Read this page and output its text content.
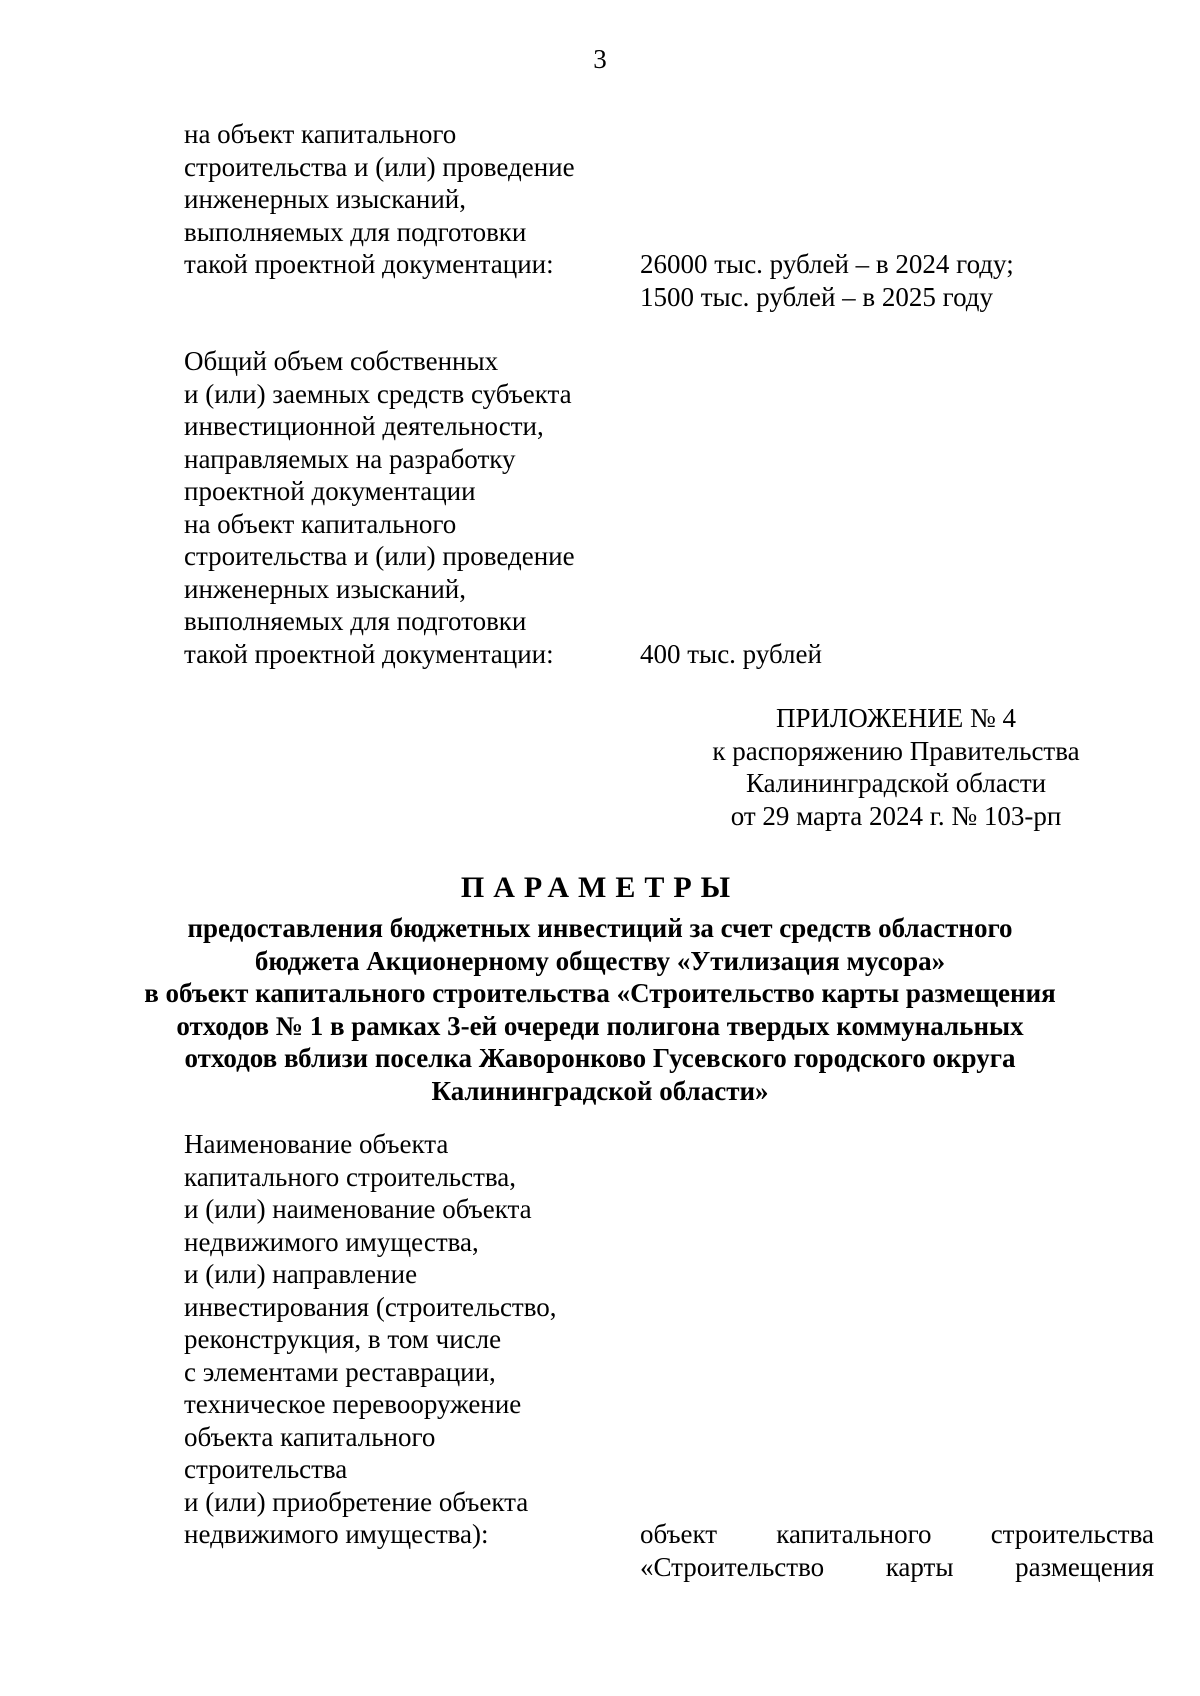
3
на объект капитального
строительства и (или) проведение
инженерных изысканий,
выполняемых для подготовки
такой проектной документации:	26000 тыс. рублей – в 2024 году;
1500 тыс. рублей – в 2025 году
Общий объем собственных
и (или) заемных средств субъекта
инвестиционной деятельности,
направляемых на разработку
проектной документации
на объект капитального
строительства и (или) проведение
инженерных изысканий,
выполняемых для подготовки
такой проектной документации:	400 тыс. рублей
ПРИЛОЖЕНИЕ № 4
к распоряжению Правительства
Калининградской области
от 29 марта 2024 г. № 103-рп
ПАРАМЕТРЫ
предоставления бюджетных инвестиций за счет средств областного
бюджета Акционерному обществу «Утилизация мусора»
в объект капитального строительства «Строительство карты размещения
отходов № 1 в рамках 3-ей очереди полигона твердых коммунальных
отходов вблизи поселка Жаворонково Гусевского городского округа
Калининградской области»
Наименование объекта
капитального строительства,
и (или) наименование объекта
недвижимого имущества,
и (или) направление
инвестирования (строительство,
реконструкция, в том числе
с элементами реставрации,
техническое перевооружение
объекта капитального
строительства
и (или) приобретение объекта
недвижимого имущества):	объект капитального строительства
«Строительство карты размещения
